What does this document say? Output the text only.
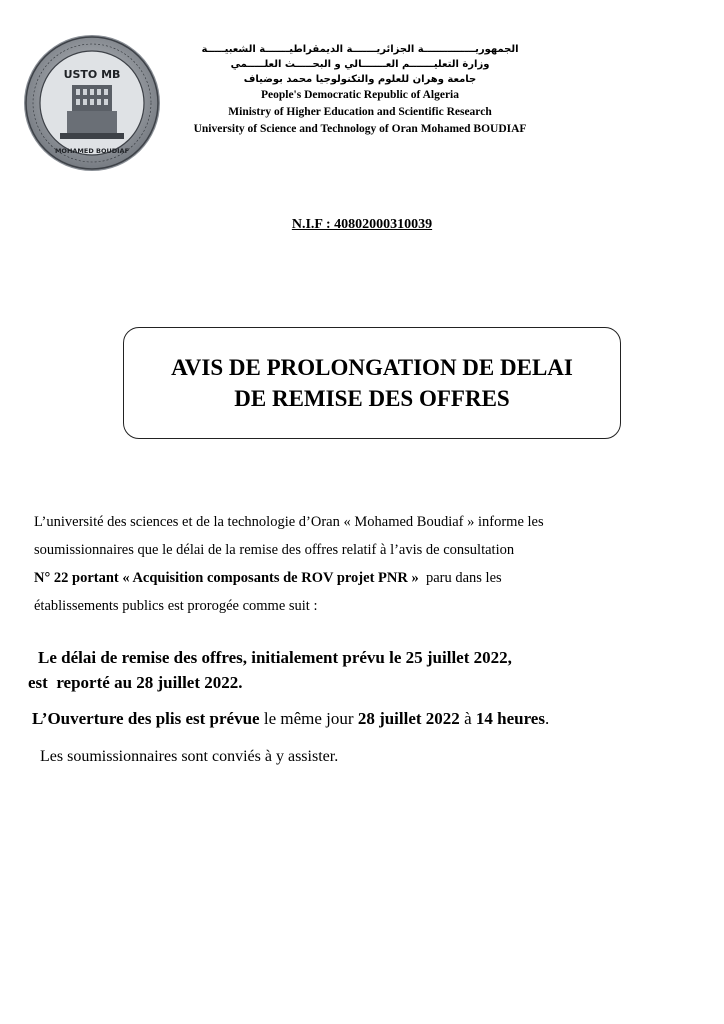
USTO MB
MOHAMED BOUDIAF
الجمهوريـــــــــــــــة الجزائريـــــــة الديمقراطيـــــــة الشعبيـــــة
وزارة التعليـــــــم العـــــــالي و البحـــــث العلـــــمي
جامعة وهران للعلوم والتكنولوجيا محمد بوضياف
People's Democratic Republic of Algeria
Ministry of Higher Education and Scientific Research
University of Science and Technology of Oran Mohamed BOUDIAF
N.I.F : 40802000310039
AVIS DE PROLONGATION DE DELAI
DE REMISE DES OFFRES
L’université des sciences et de la technologie d’Oran « Mohamed Boudiaf » informe les
soumissionnaires que le délai de la remise des offres relatif à l’avis de consultation
N° 22 portant « Acquisition composants de ROV projet PNR »  paru dans les
établissements publics est prorogée comme suit :
Le délai de remise des offres, initialement prévu le 25 juillet 2022,
est  reporté au 28 juillet 2022.
L’Ouverture des plis est prévue le même jour 28 juillet 2022 à 14 heures.
Les soumissionnaires sont conviés à y assister.
